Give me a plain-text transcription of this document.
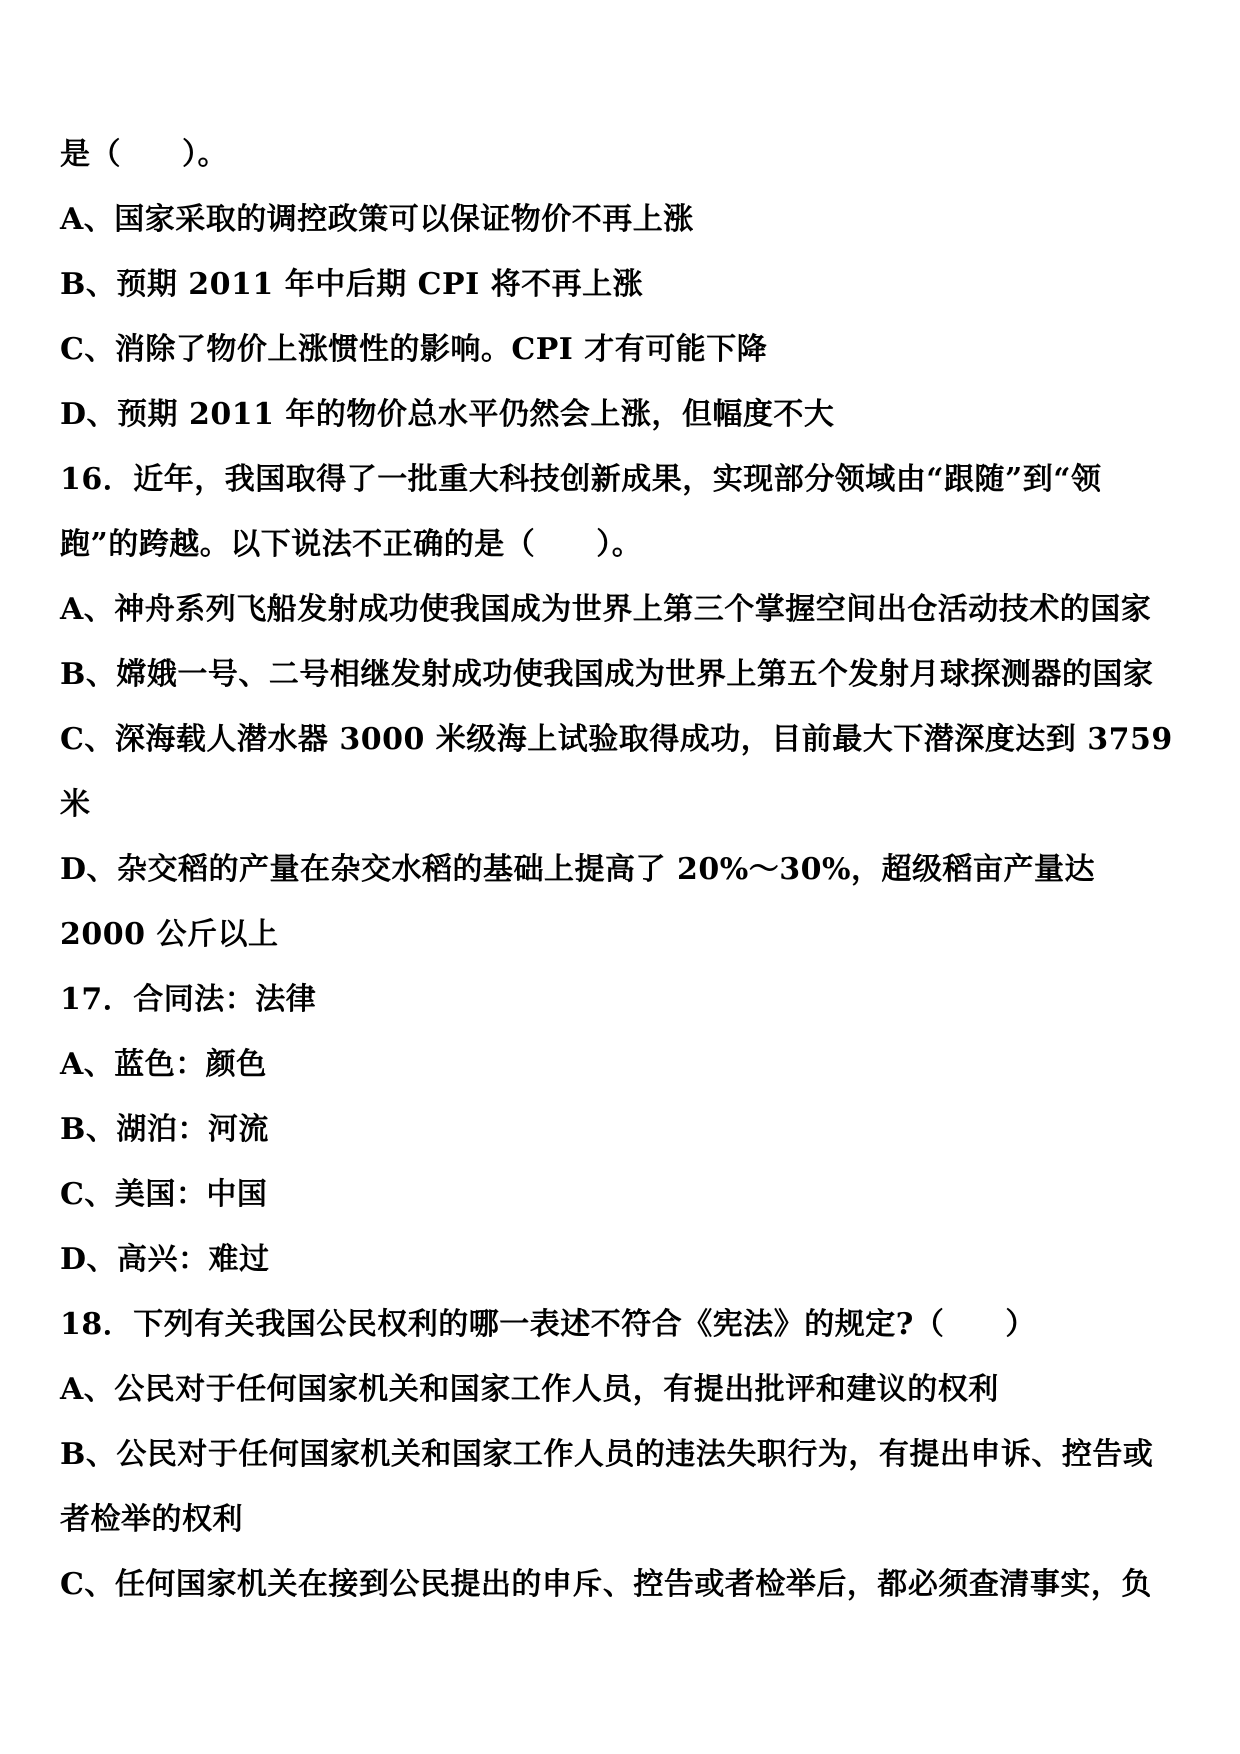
是（　　）。
A、国家采取的调控政策可以保证物价不再上涨
B、预期 2011 年中后期 CPI 将不再上涨
C、消除了物价上涨惯性的影响。CPI 才有可能下降
D、预期 2011 年的物价总水平仍然会上涨，但幅度不大
16．近年，我国取得了一批重大科技创新成果，实现部分领域由“跟随”到“领
跑”的跨越。以下说法不正确的是（　　）。
A、神舟系列飞船发射成功使我国成为世界上第三个掌握空间出仓活动技术的国家
B、嫦娥一号、二号相继发射成功使我国成为世界上第五个发射月球探测器的国家
C、深海载人潜水器 3000 米级海上试验取得成功，目前最大下潜深度达到 3759
米
D、杂交稻的产量在杂交水稻的基础上提高了 20%～30%，超级稻亩产量达
2000 公斤以上
17．合同法：法律
A、蓝色：颜色
B、湖泊：河流
C、美国：中国
D、高兴：难过
18．下列有关我国公民权利的哪一表述不符合《宪法》的规定?（　　）
A、公民对于任何国家机关和国家工作人员，有提出批评和建议的权利
B、公民对于任何国家机关和国家工作人员的违法失职行为，有提出申诉、控告或
者检举的权利
C、任何国家机关在接到公民提出的申斥、控告或者检举后，都必须查清事实，负
